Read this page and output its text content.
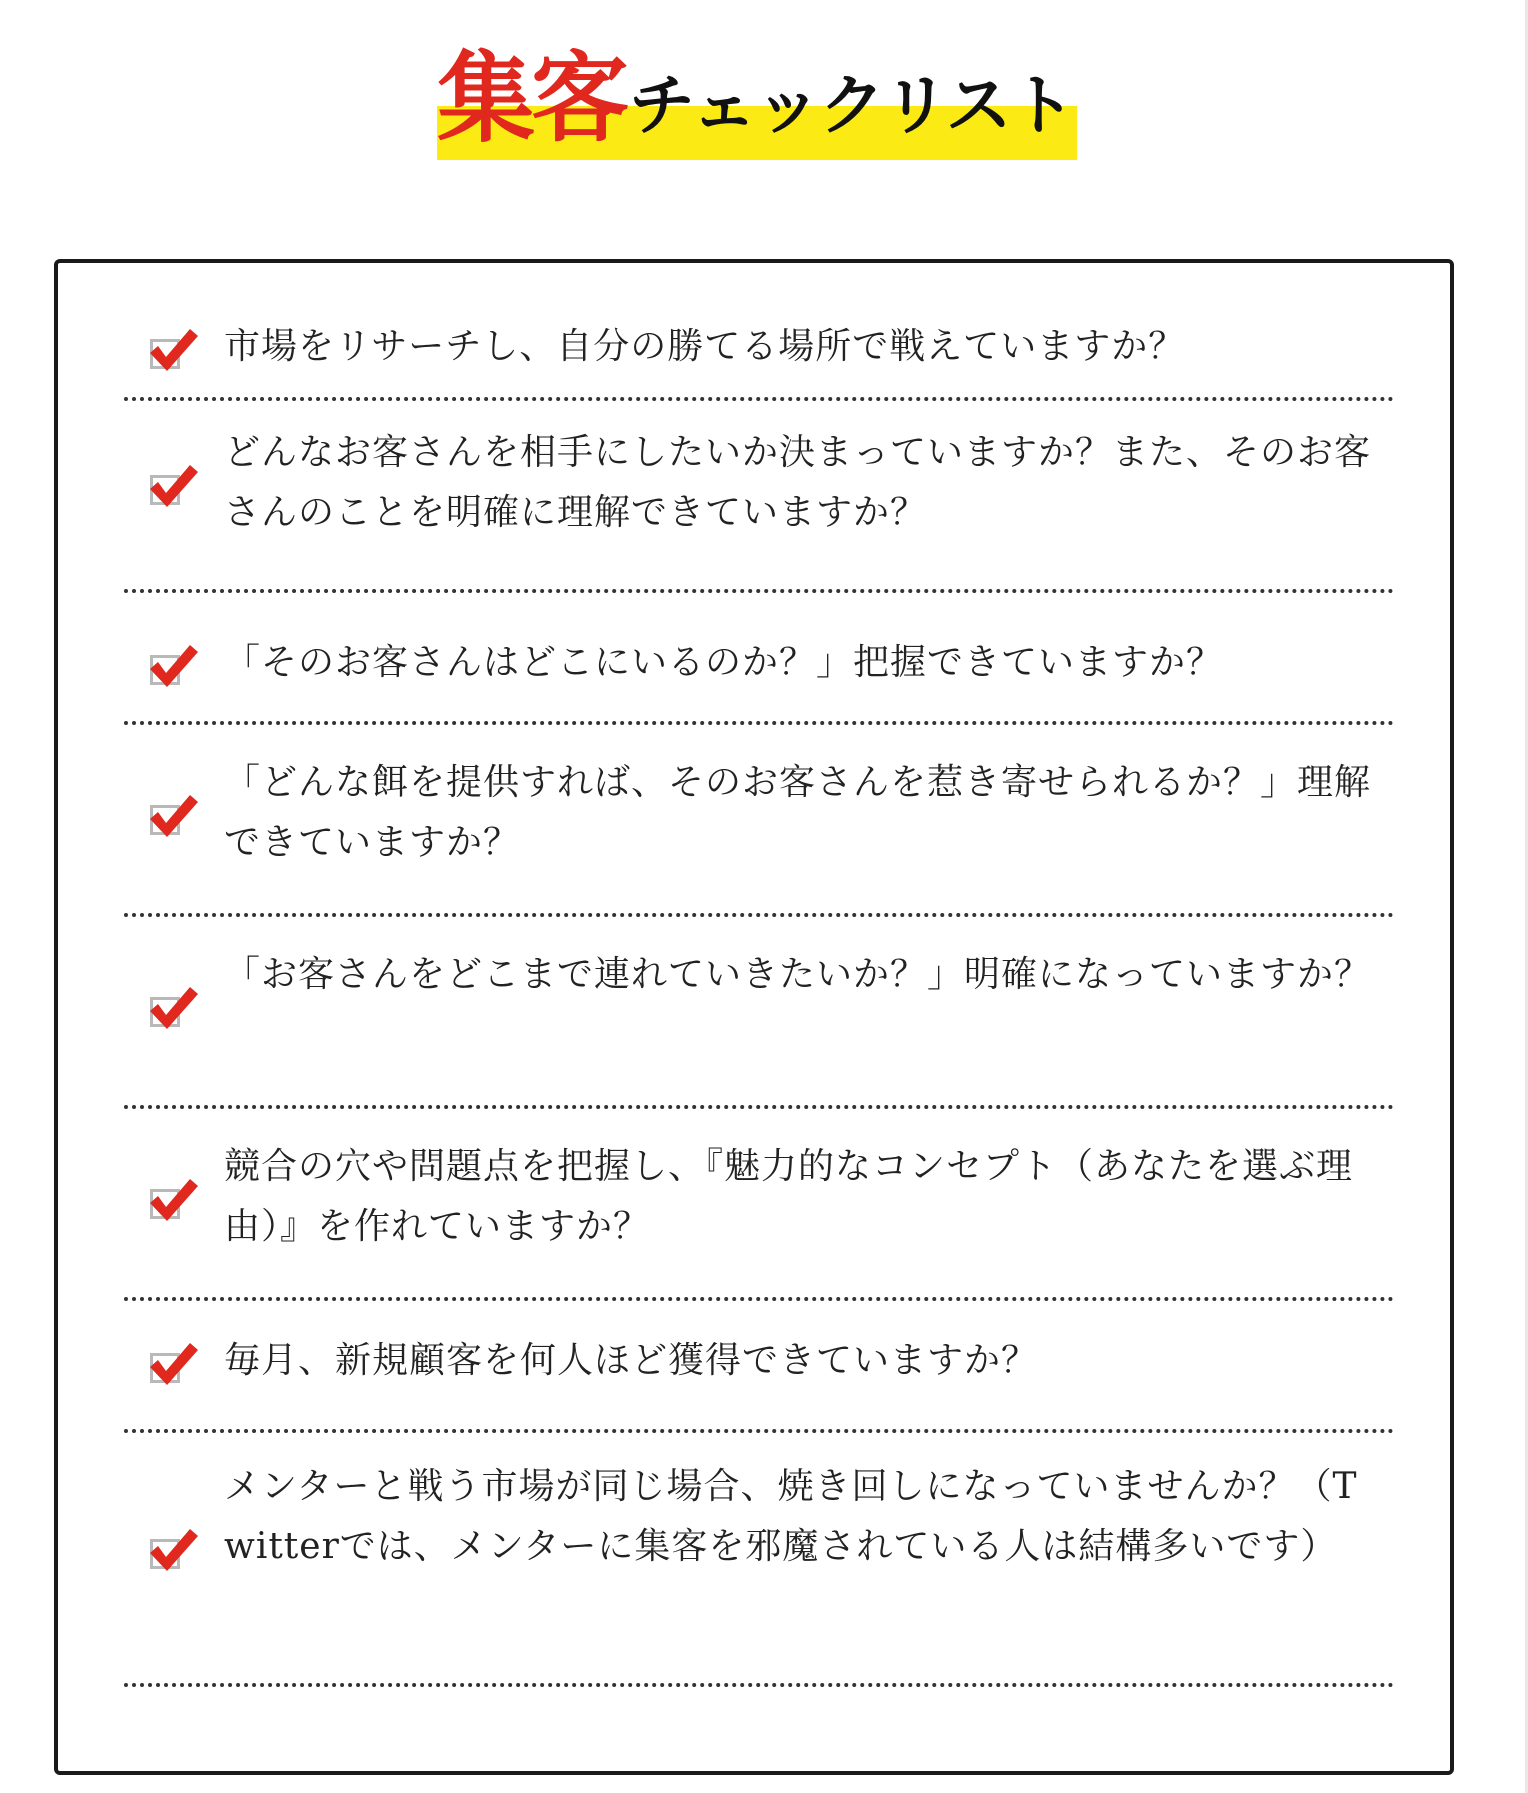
集客 チェックリスト
市場をリサーチし、自分の勝てる場所で戦えていますか？
どんなお客さんを相手にしたいか決まっていますか？また、そのお客さんのことを明確に理解できていますか？
「そのお客さんはどこにいるのか？」把握できていますか？
「どんな餌を提供すれば、そのお客さんを惹き寄せられるか？」理解できていますか？
「お客さんをどこまで連れていきたいか？」明確になっていますか？
競合の穴や問題点を把握し、『魅力的なコンセプト（あなたを選ぶ理由）』を作れていますか？
毎月、新規顧客を何人ほど獲得できていますか？
メンターと戦う市場が同じ場合、焼き回しになっていませんか？（Twitterでは、メンターに集客を邪魔されている人は結構多いです）
